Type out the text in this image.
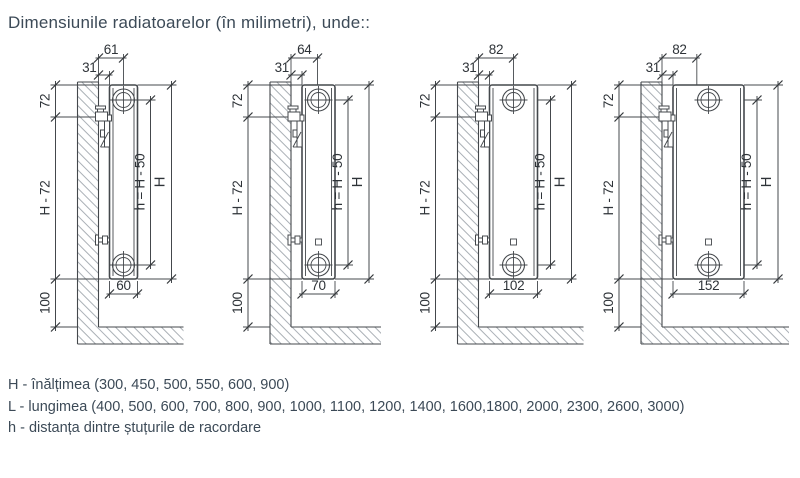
Dimensiunile radiatoarelor (în milimetri), unde::
61
31
72
H - 72
100
60
h = H - 50 H
64
31
72
H - 72
100
70
h = H - 50 H
82
31
72
H - 72
100
102
h = H - 50 H
82
31
72
H - 72
100
152
h = H - 50 H
H - înălțimea (300, 450, 500, 550, 600, 900)
L - lungimea (400, 500, 600, 700, 800, 900, 1000, 1100, 1200, 1400, 1600,1800, 2000, 2300, 2600, 3000)
h - distanța dintre ștuțurile de racordare
